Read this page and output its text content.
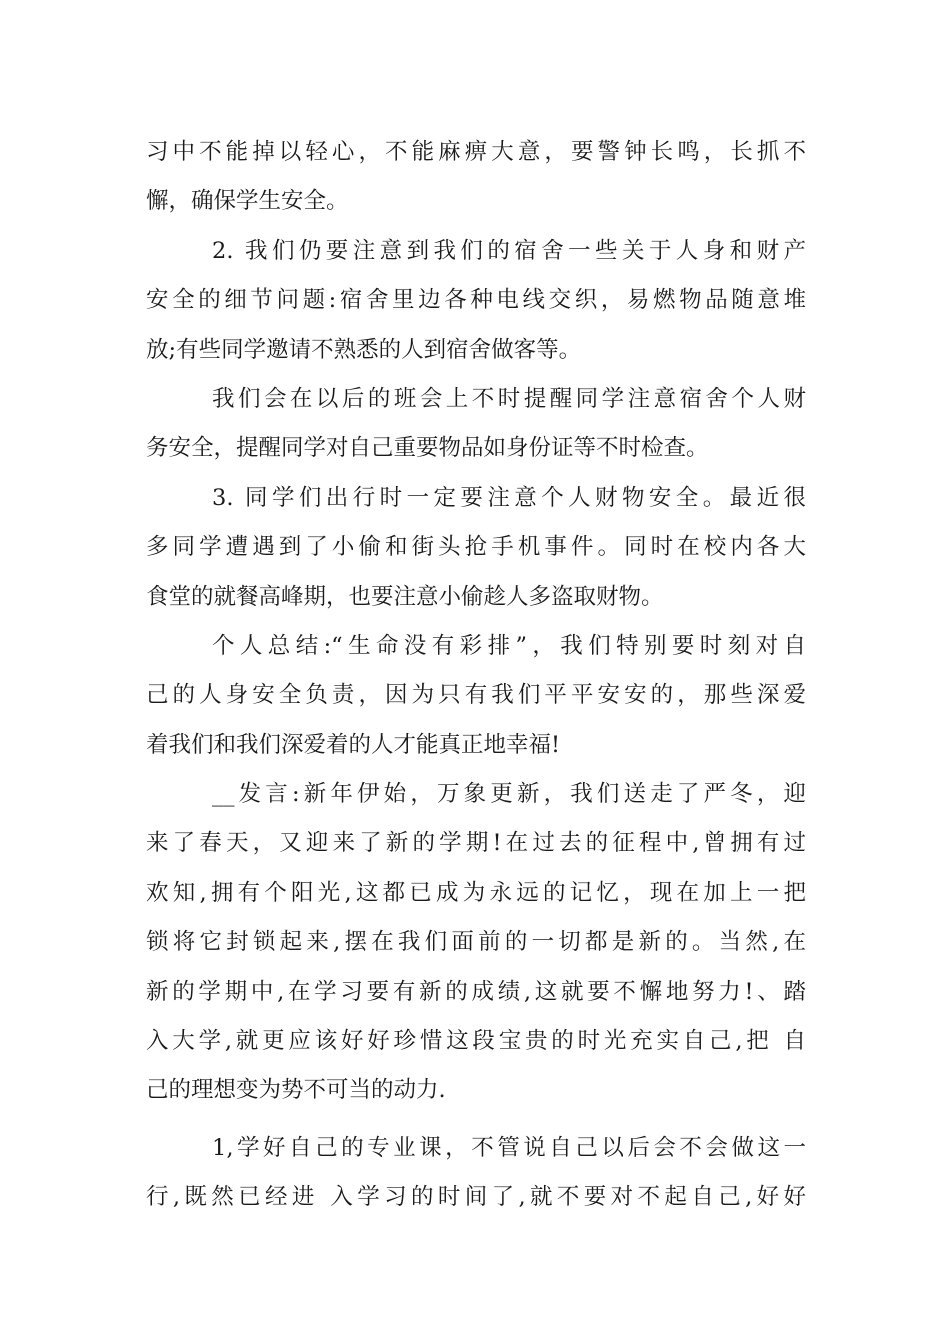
习中不能掉以轻心，不能麻痹大意，要警钟长鸣，长抓不
懈，确保学生安全。
2. 我们仍要注意到我们的宿舍一些关于人身和财产
安全的细节问题:宿舍里边各种电线交织，易燃物品随意堆
放;有些同学邀请不熟悉的人到宿舍做客等。
我们会在以后的班会上不时提醒同学注意宿舍个人财
务安全，提醒同学对自己重要物品如身份证等不时检查。
3. 同学们出行时一定要注意个人财物安全。最近很
多同学遭遇到了小偷和街头抢手机事件。同时在校内各大
食堂的就餐高峰期，也要注意小偷趁人多盗取财物。
个人总结:“生命没有彩排”，我们特别要时刻对自
己的人身安全负责，因为只有我们平平安安的，那些深爱
着我们和我们深爱着的人才能真正地幸福!
__发言:新年伊始，万象更新，我们送走了严冬，迎
来了春天，又迎来了新的学期!在过去的征程中,曾拥有过
欢知,拥有个阳光,这都已成为永远的记忆，现在加上一把
锁将它封锁起来,摆在我们面前的一切都是新的。当然,在
新的学期中,在学习要有新的成绩,这就要不懈地努力!、踏
入大学,就更应该好好珍惜这段宝贵的时光充实自己,把 自
己的理想变为势不可当的动力.
1,学好自己的专业课，不管说自己以后会不会做这一
行,既然已经进 入学习的时间了,就不要对不起自己,好好
